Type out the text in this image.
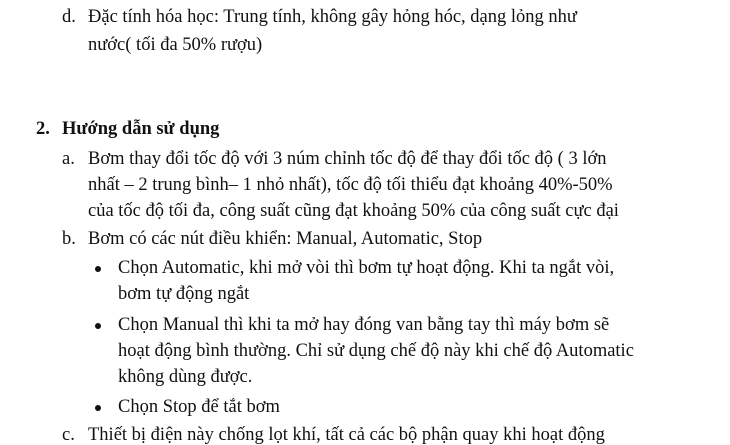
d. Đặc tính hóa học: Trung tính, không gây hỏng hóc, dạng lỏng như
nước( tối đa 50% rượu)
2. Hướng dẫn sử dụng
a. Bơm thay đổi tốc độ với 3 núm chỉnh tốc độ để thay đổi tốc độ ( 3 lớn
nhất – 2 trung bình– 1 nhỏ nhất), tốc độ tối thiểu đạt khoảng 40%-50%
của tốc độ tối đa, công suất cũng đạt khoảng 50% của công suất cực đại
b. Bơm có các nút điều khiển: Manual, Automatic, Stop
Chọn Automatic, khi mở vòi thì bơm tự hoạt động. Khi ta ngắt vòi,
bơm tự động ngắt
Chọn Manual thì khi ta mở hay đóng van bằng tay thì máy bơm sẽ
hoạt động bình thường. Chỉ sử dụng chế độ này khi chế độ Automatic
không dùng được.
Chọn Stop để tắt bơm
c. Thiết bị điện này chống lọt khí, tất cả các bộ phận quay khi hoạt động
